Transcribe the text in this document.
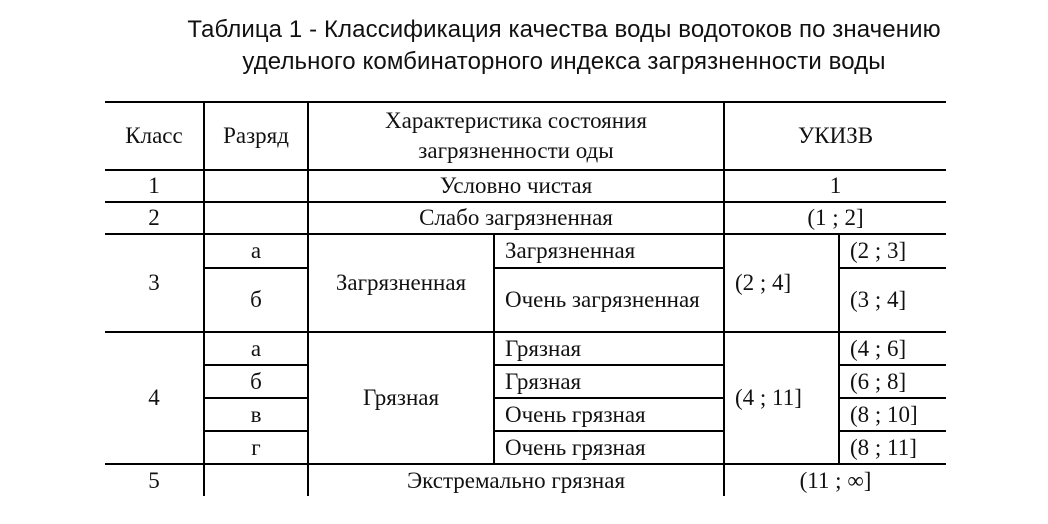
Таблица 1 - Классификация качества воды водотоков по значению
удельного комбинаторного индекса загрязненности воды
Класс	Разряд	Характеристика состояния загрязненности оды		УКИЗВ	
1		Условно чистая		1	
2		Слабо загрязненная		(1 ; 2]	
3	а	Загрязненная	Загрязненная	(2 ; 4]	(2 ; 3]
	б		Очень загрязненная		(3 ; 4]
4	а	Грязная	Грязная	(4 ; 11]	(4 ; 6]
	б		Грязная		(6 ; 8]
	в		Очень грязная		(8 ; 10]
	г		Очень грязная		(8 ; 11]
5		Экстремально грязная		(11 ; ∞]	
